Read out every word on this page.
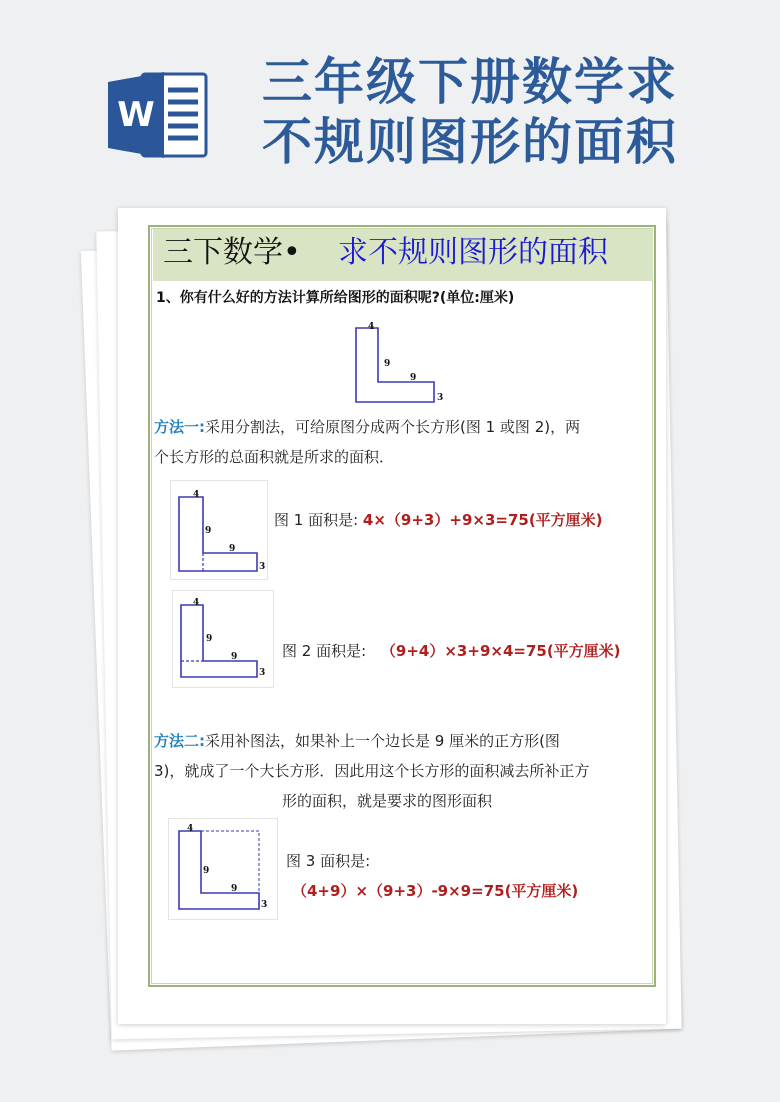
W
三年级下册数学求
不规则图形的面积
三下数学• 求不规则图形的面积
1、你有什么好的方法计算所给图形的面积呢?(单位:厘米)
4
9
9
3
方法一:采用分割法，可给原图分成两个长方形(图 1 或图 2)，两
个长方形的总面积就是所求的面积．
4
9
9
3
图 1 面积是: 4×（9+3）+9×3=75(平方厘米)
4
9
9
3
图 2 面积是: （9+4）×3+9×4=75(平方厘米)
方法二:采用补图法，如果补上一个边长是 9 厘米的正方形(图
3)，就成了一个大长方形．因此用这个长方形的面积减去所补正方
形的面积，就是要求的图形面积
4
9
9
3
图 3 面积是:
（4+9）×（9+3）-9×9=75(平方厘米)
